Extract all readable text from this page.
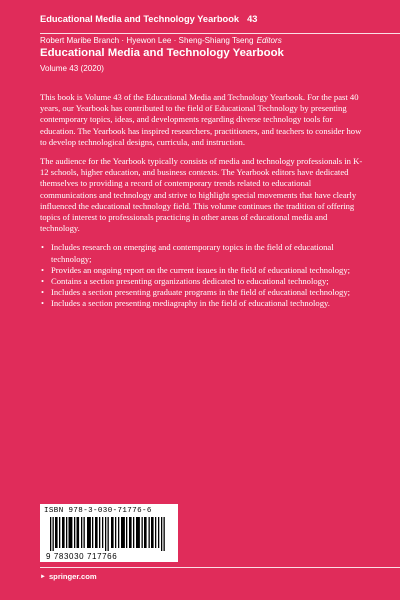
Educational Media and Technology Yearbook 43
Robert Maribe Branch · Hyewon Lee · Sheng-Shiang Tseng Editors
Educational Media and Technology Yearbook
Volume 43 (2020)

This book is Volume 43 of the Educational Media and Technology Yearbook. For the past 40 years, our Yearbook has contributed to the field of Educational Technology by presenting contemporary topics, ideas, and developments regarding diverse technology tools for education. The Yearbook has inspired researchers, practitioners, and teachers to consider how to develop technological designs, curricula, and instruction.

The audience for the Yearbook typically consists of media and technology professionals in K-12 schools, higher education, and business contexts. The Yearbook editors have dedicated themselves to providing a record of contemporary trends related to educational communications and technology and strive to highlight special movements that have clearly influenced the educational technology field. This volume continues the tradition of offering topics of interest to professionals practicing in other areas of educational media and technology.

• Includes research on emerging and contemporary topics in the field of educational technology;
• Provides an ongoing report on the current issues in the field of educational technology;
• Contains a section presenting organizations dedicated to educational technology;
• Includes a section presenting graduate programs in the field of educational technology;
• Includes a section presenting mediagraphy in the field of educational technology.
ISBN 978-3-030-71776-6
9 783030 717766
► springer.com
